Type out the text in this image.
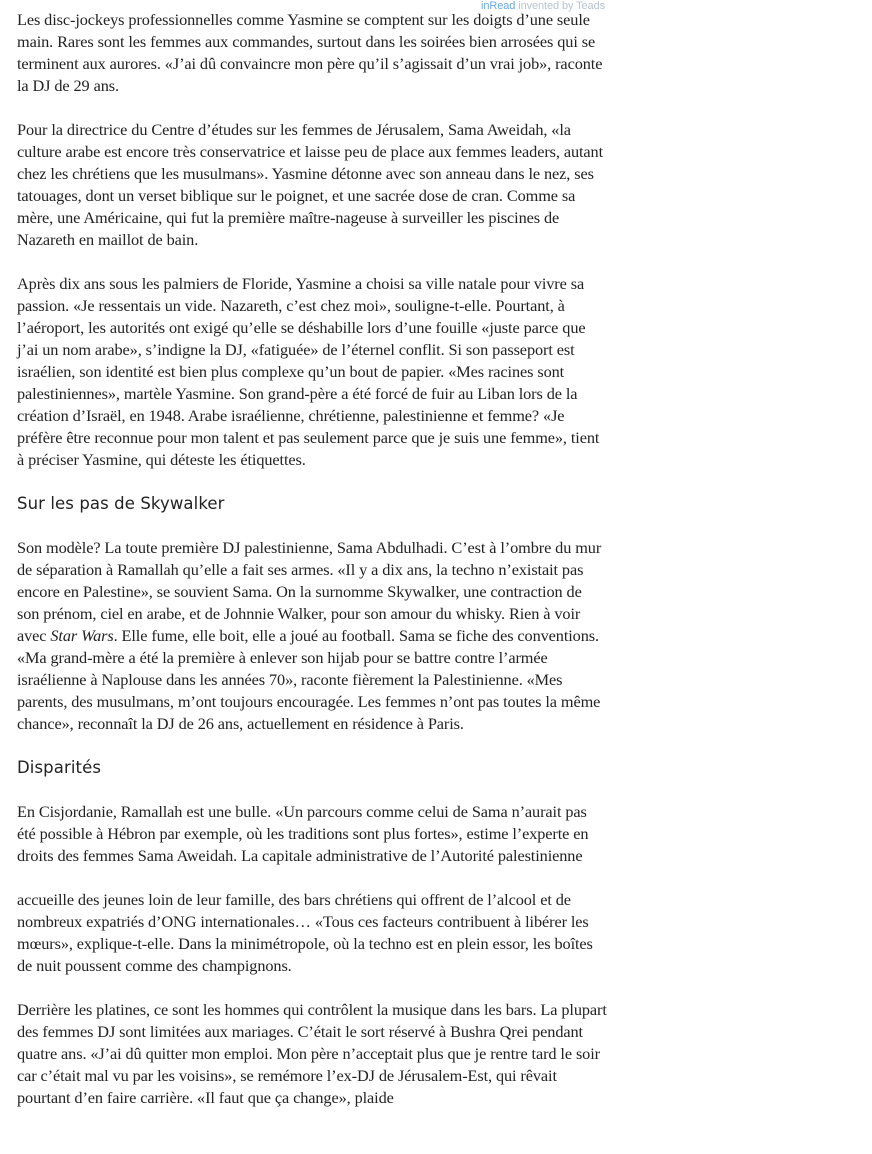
inRead invented by Teads

Les disc-jockeys professionnelles comme Yasmine se comptent sur les doigts d’une seule main. Rares sont les femmes aux commandes, surtout dans les soirées bien arrosées qui se terminent aux aurores. «J’ai dû convaincre mon père qu’il s’agissait d’un vrai job», raconte la DJ de 29 ans.

Pour la directrice du Centre d’études sur les femmes de Jérusalem, Sama Aweidah, «la culture arabe est encore très conservatrice et laisse peu de place aux femmes leaders, autant chez les chrétiens que les musulmans». Yasmine détonne avec son anneau dans le nez, ses tatouages, dont un verset biblique sur le poignet, et une sacrée dose de cran. Comme sa mère, une Américaine, qui fut la première maître-nageuse à surveiller les piscines de Nazareth en maillot de bain.

Après dix ans sous les palmiers de Floride, Yasmine a choisi sa ville natale pour vivre sa passion. «Je ressentais un vide. Nazareth, c’est chez moi», souligne-t-elle. Pourtant, à l’aéroport, les autorités ont exigé qu’elle se déshabille lors d’une fouille «juste parce que j’ai un nom arabe», s’indigne la DJ, «fatiguée» de l’éternel conflit. Si son passeport est israélien, son identité est bien plus complexe qu’un bout de papier. «Mes racines sont palestiniennes», martèle Yasmine. Son grand-père a été forcé de fuir au Liban lors de la création d’Israël, en 1948. Arabe israélienne, chrétienne, palestinienne et femme? «Je préfère être reconnue pour mon talent et pas seulement parce que je suis une femme», tient à préciser Yasmine, qui déteste les étiquettes.

Sur les pas de Skywalker

Son modèle? La toute première DJ palestinienne, Sama Abdulhadi. C’est à l’ombre du mur de séparation à Ramallah qu’elle a fait ses armes. «Il y a dix ans, la techno n’existait pas encore en Palestine», se souvient Sama. On la surnomme Skywalker, une contraction de son prénom, ciel en arabe, et de Johnnie Walker, pour son amour du whisky. Rien à voir avec Star Wars. Elle fume, elle boit, elle a joué au football. Sama se fiche des conventions. «Ma grand-mère a été la première à enlever son hijab pour se battre contre l’armée israélienne à Naplouse dans les années 70», raconte fièrement la Palestinienne. «Mes parents, des musulmans, m’ont toujours encouragée. Les femmes n’ont pas toutes la même chance», reconnaît la DJ de 26 ans, actuellement en résidence à Paris.

Disparités

En Cisjordanie, Ramallah est une bulle. «Un parcours comme celui de Sama n’aurait pas été possible à Hébron par exemple, où les traditions sont plus fortes», estime l’experte en droits des femmes Sama Aweidah. La capitale administrative de l’Autorité palestinienne

accueille des jeunes loin de leur famille, des bars chrétiens qui offrent de l’alcool et de nombreux expatriés d’ONG internationales… «Tous ces facteurs contribuent à libérer les mœurs», explique-t-elle. Dans la minimétropole, où la techno est en plein essor, les boîtes de nuit poussent comme des champignons.

Derrière les platines, ce sont les hommes qui contrôlent la musique dans les bars. La plupart des femmes DJ sont limitées aux mariages. C’était le sort réservé à Bushra Qrei pendant quatre ans. «J’ai dû quitter mon emploi. Mon père n’acceptait plus que je rentre tard le soir car c’était mal vu par les voisins», se remémore l’ex-DJ de Jérusalem-Est, qui rêvait pourtant d’en faire carrière. «Il faut que ça change», plaide
